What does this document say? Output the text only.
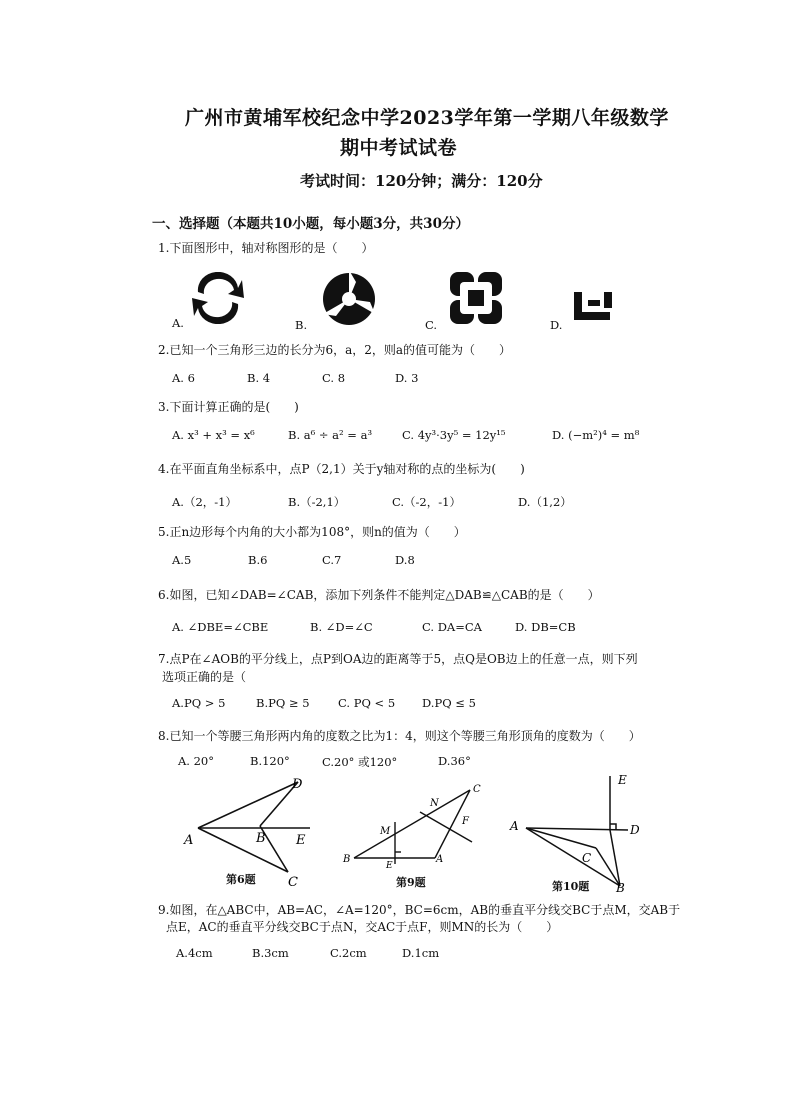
广州市黄埔军校纪念中学2023学年第一学期八年级数学
期中考试试卷
考试时间：120分钟；满分：120分
一、选择题（本题共10小题，每小题3分，共30分）
1.下面图形中，轴对称图形的是（　　）
A.	B.	C.	D.
2.已知一个三角形三边的长分为6，a，2，则a的值可能为（　　）
A. 6	B. 4	C. 8	D. 3
3.下面计算正确的是(　　)
A. x³ + x³ = x⁶	B. a⁶ ÷ a² = a³	C. 4y³·3y⁵ = 12y¹⁵	D. (−m²)⁴ = m⁸
4.在平面直角坐标系中，点P（2,1）关于y轴对称的点的坐标为(　　)
A.（2，-1）	B.（-2,1）	C.（-2，-1）	D.（1,2）
5.正n边形每个内角的大小都为108°，则n的值为（　　）
A.5	B.6	C.7	D.8
6.如图，已知∠DAB=∠CAB，添加下列条件不能判定△DAB≌△CAB的是（　　）
A. ∠DBE=∠CBE	B. ∠D=∠C	C. DA=CA	D. DB=CB
7.点P在∠AOB的平分线上，点P到OA边的距离等于5，点Q是OB边上的任意一点，则下列
选项正确的是（
A.PQ > 5	B.PQ ≥ 5 C. PQ < 5 D.PQ ≤ 5
8.已知一个等腰三角形两内角的度数之比为1：4，则这个等腰三角形顶角的度数为（　　）
A. 20°	B.120°	C.20° 或120°	D.36°
A	B
C
D
E
第6题
B	A
C
M
N
E
F
第9题
E
A	D
C
B
第10题
9.如图，在△ABC中，AB=AC，∠A=120°，BC=6cm，AB的垂直平分线交BC于点M，交AB于
点E，AC的垂直平分线交BC于点N，交AC于点F，则MN的长为（　　）
A.4cm	B.3cm	C.2cm	D.1cm
